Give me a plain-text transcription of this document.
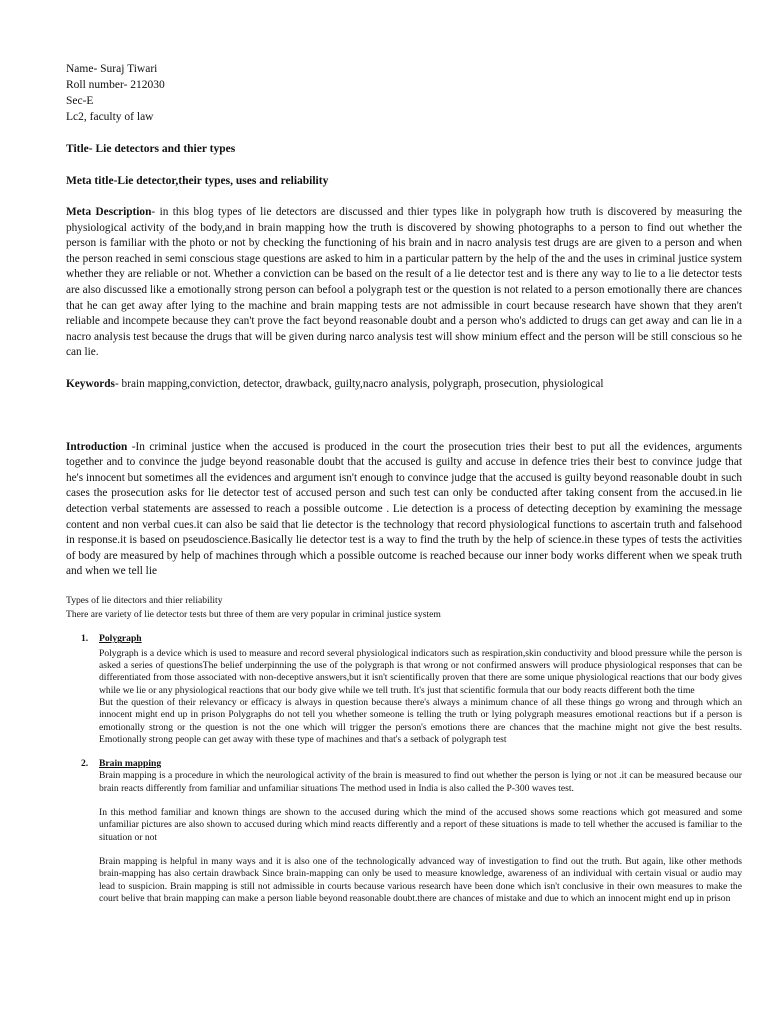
Name- Suraj Tiwari
Roll number- 212030
Sec-E
Lc2, faculty of law
Title- Lie detectors and thier types
Meta title-Lie detector,their types, uses and reliability

Meta Description- in this blog types of lie detectors are discussed and thier types like in polygraph how truth is discovered by measuring the physiological activity of the body,and in brain mapping how the truth is discovered by showing photographs to a person to find out whether the person is familiar with the photo or not by checking the functioning of his brain and in nacro analysis test drugs are are given to a person and when the person reached in semi conscious stage questions are asked to him in a particular pattern by the help of the and the uses in criminal justice system whether they are reliable or not. Whether a conviction can be based on the result of a lie detector test and is there any way to lie to a lie detector tests are also discussed like a emotionally strong person can befool a polygraph test or the question is not related to a person emotionally there are chances that he can get away after lying to the machine and brain mapping tests are not admissible in court because research have shown that they aren't reliable and incompete because they can't prove the fact beyond reasonable doubt and a person who's addicted to drugs can get away and can lie in a nacro analysis test because the drugs that will be given during narco analysis test will show minium effect and the person will be still conscious so he can lie.

Keywords- brain mapping,conviction, detector, drawback, guilty,nacro analysis, polygraph, prosecution, physiological

Introduction -In criminal justice when the accused is produced in the court the prosecution tries their best to put all the evidences, arguments together and to convince the judge beyond reasonable doubt that the accused is guilty and accuse in defence tries their best to convince judge that he's innocent but sometimes all the evidences and argument isn't enough to convince judge that the accused is guilty beyond reasonable doubt in such cases the prosecution asks for lie detector test of accused person and such test can only be conducted after taking consent from the accused.in lie detection verbal statements are assessed to reach a possible outcome . Lie detection is a process of detecting deception by examining the message content and non verbal cues.it can also be said that lie detector is the technology that record physiological functions to ascertain truth and falsehood in response.it is based on pseudoscience.Basically lie detector test is a way to find the truth by the help of science.in these types of tests the activities of body are measured by help of machines through which a possible outcome is reached because our inner body works different when we speak truth and when we tell lie

Types of lie ditectors and thier reliability
There are variety of lie detector tests but three of them are very popular in criminal justice system
1. Polygraph

Polygraph is a device which is used to measure and record several physiological indicators such as respiration,skin conductivity and blood pressure while the person is asked a series of questionsThe belief underpinning the use of the polygraph is that wrong or not confirmed answers will produce physiological responses that can be differentiated from those associated with non-deceptive answers,but it isn't scientifically proven that there are some unique physiological reactions that our body gives while we lie or any physiological reactions that our body give while we tell truth. It's just that scientific formula that our body reacts different both the time

But the question of their relevancy or efficacy is always in question because there's always a minimum chance of all these things go wrong and through which an innocent might end up in prison Polygraphs do not tell you whether someone is telling the truth or lying polygraph measures emotional reactions but if a person is emotionally strong or the question is not the one which will trigger the person's emotions there are chances that the machine might not give the best results. Emotionally strong people can get away with these type of machines and that's a setback of polygraph test

2. Brain mapping

Brain mapping is a procedure in which the neurological activity of the brain is measured to find out whether the person is lying or not .it can be measured because our brain reacts differently from familiar and unfamiliar situations The method used in India is also called the P-300 waves test.

In this method familiar and known things are shown to the accused during which the mind of the accused shows some reactions which got measured and some unfamiliar pictures are also shown to accused during which mind reacts differently and a report of these situations is made to tell whether the accused is familiar to the situation or not

Brain mapping is helpful in many ways and it is also one of the technologically advanced way of investigation to find out the truth. But again, like other methods brain-mapping has also certain drawback Since brain-mapping can only be used to measure knowledge, awareness of an individual with certain visual or audio may lead to suspicion. Brain mapping is still not admissible in courts because various research have been done which isn't conclusive in their own measures to make the court belive that brain mapping can make a person liable beyond reasonable doubt.there are chances of mistake and due to which an innocent might end up in prison
